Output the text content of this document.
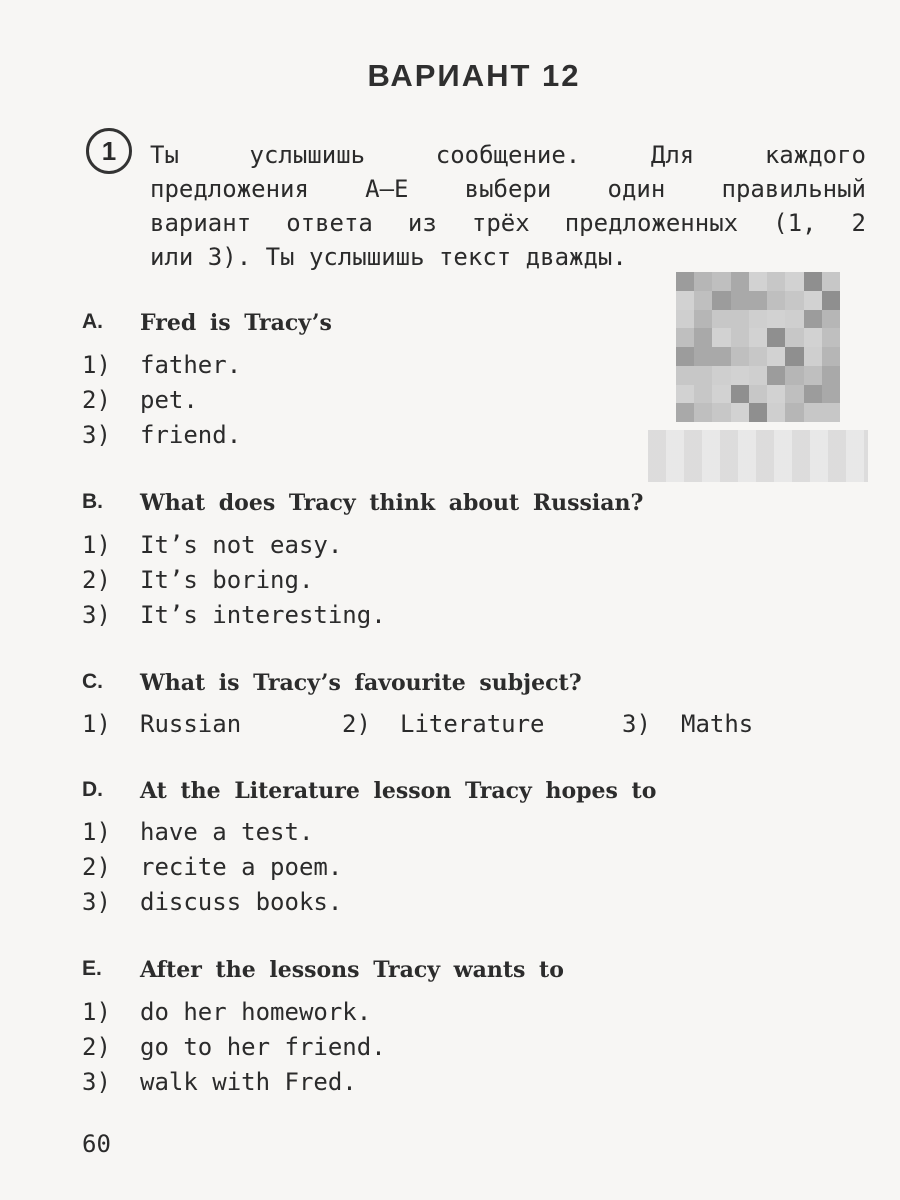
ВАРИАНТ 12
1	Ты услышишь сообщение. Для каждого
предложения A—E выбери один правильный
вариант ответа из трёх предложенных (1, 2
или 3). Ты услышишь текст дважды.
A. Fred is Tracy’s
1) father.
2) pet.
3) friend.
B. What does Tracy think about Russian?
1) It’s not easy.
2) It’s boring.
3) It’s interesting.
C. What is Tracy’s favourite subject?
1) Russian	2) Literature	3) Maths
D. At the Literature lesson Tracy hopes to
1) have a test.
2) recite a poem.
3) discuss books.
E. After the lessons Tracy wants to
1) do her homework.
2) go to her friend.
3) walk with Fred.
60
